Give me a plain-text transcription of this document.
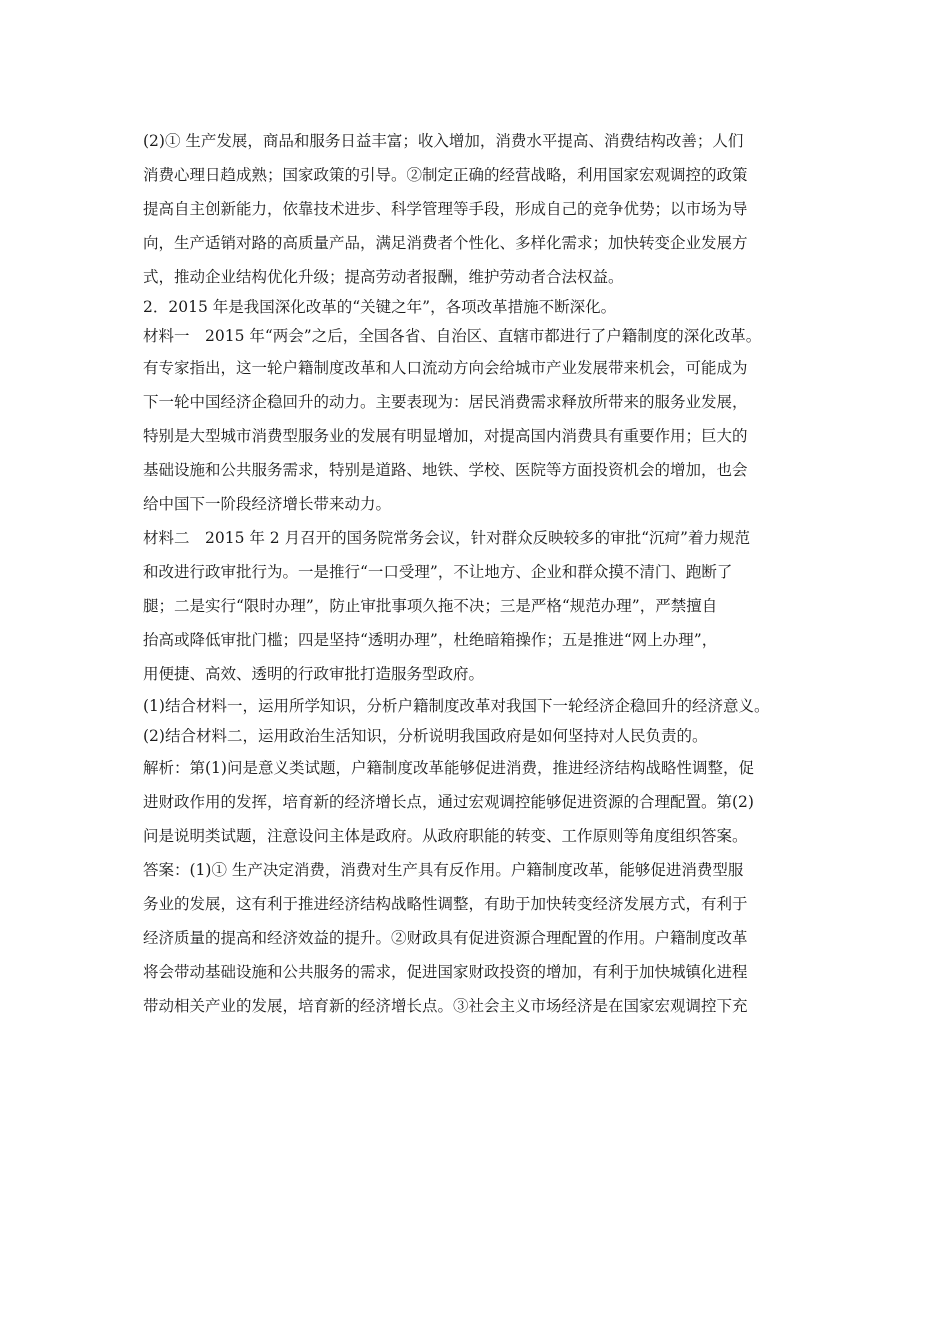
(2)① 生产发展，商品和服务日益丰富；收入增加，消费水平提高、消费结构改善；人们
消费心理日趋成熟；国家政策的引导。②制定正确的经营战略，利用国家宏观调控的政策
提高自主创新能力，依靠技术进步、科学管理等手段，形成自己的竞争优势；以市场为导
向，生产适销对路的高质量产品，满足消费者个性化、多样化需求；加快转变企业发展方
式，推动企业结构优化升级；提高劳动者报酬，维护劳动者合法权益。
2．2015 年是我国深化改革的“关键之年”，各项改革措施不断深化。
材料一　2015 年“两会”之后，全国各省、自治区、直辖市都进行了户籍制度的深化改革。
有专家指出，这一轮户籍制度改革和人口流动方向会给城市产业发展带来机会，可能成为
下一轮中国经济企稳回升的动力。主要表现为：居民消费需求释放所带来的服务业发展，
特别是大型城市消费型服务业的发展有明显增加，对提高国内消费具有重要作用；巨大的
基础设施和公共服务需求，特别是道路、地铁、学校、医院等方面投资机会的增加，也会
给中国下一阶段经济增长带来动力。
材料二　2015 年 2 月召开的国务院常务会议，针对群众反映较多的审批“沉疴”着力规范
和改进行政审批行为。一是推行“一口受理”，不让地方、企业和群众摸不清门、跑断了
腿；二是实行“限时办理”，防止审批事项久拖不决；三是严格“规范办理”，严禁擅自
抬高或降低审批门槛；四是坚持“透明办理”，杜绝暗箱操作；五是推进“网上办理”，
用便捷、高效、透明的行政审批打造服务型政府。
(1)结合材料一，运用所学知识，分析户籍制度改革对我国下一轮经济企稳回升的经济意义。
(2)结合材料二，运用政治生活知识，分析说明我国政府是如何坚持对人民负责的。
解析：第(1)问是意义类试题，户籍制度改革能够促进消费，推进经济结构战略性调整，促
进财政作用的发挥，培育新的经济增长点，通过宏观调控能够促进资源的合理配置。第(2)
问是说明类试题，注意设问主体是政府。从政府职能的转变、工作原则等角度组织答案。
答案：(1)① 生产决定消费，消费对生产具有反作用。户籍制度改革，能够促进消费型服
务业的发展，这有利于推进经济结构战略性调整，有助于加快转变经济发展方式，有利于
经济质量的提高和经济效益的提升。②财政具有促进资源合理配置的作用。户籍制度改革
将会带动基础设施和公共服务的需求，促进国家财政投资的增加，有利于加快城镇化进程
带动相关产业的发展，培育新的经济增长点。③社会主义市场经济是在国家宏观调控下充
